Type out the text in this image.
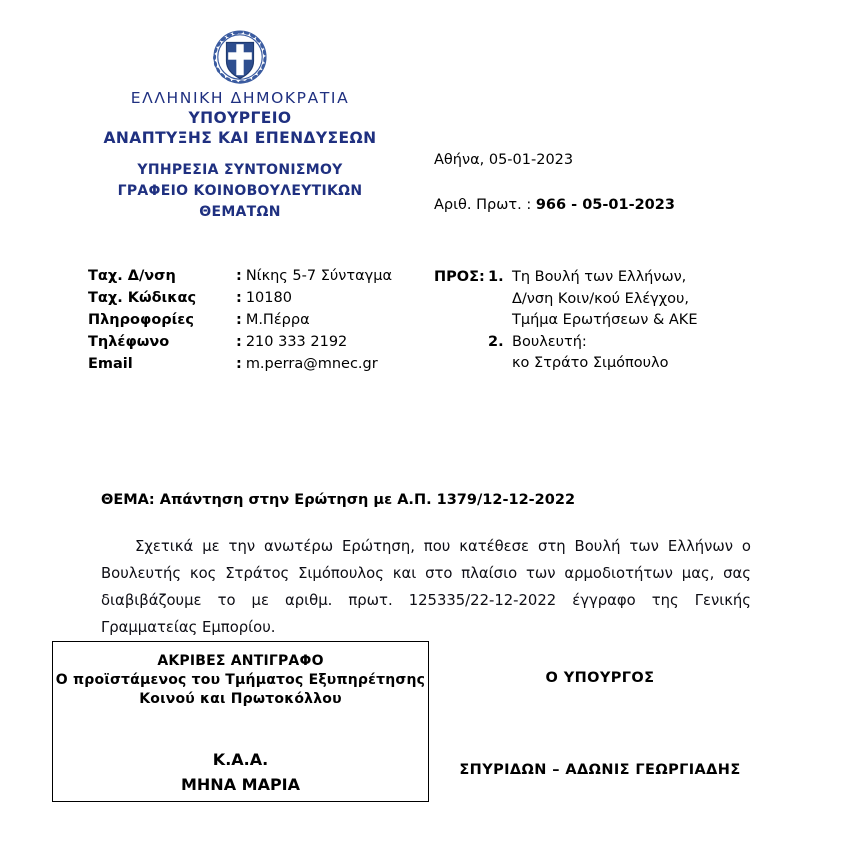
ΕΛΛΗΝΙΚΗ ΔΗΜΟΚΡΑΤΙΑ
ΥΠΟΥΡΓΕΙΟ
ΑΝΑΠΤΥΞΗΣ ΚΑΙ ΕΠΕΝΔΥΣΕΩΝ
ΥΠΗΡΕΣΙΑ ΣΥΝΤΟΝΙΣΜΟΥ
ΓΡΑΦΕΙΟ ΚΟΙΝΟΒΟΥΛΕΥΤΙΚΩΝ
ΘΕΜΑΤΩΝ
Αθήνα, 05-01-2023
Αριθ. Πρωτ. : 966 - 05-01-2023
Ταχ. Δ/νση	:	Νίκης 5-7 Σύνταγμα
Ταχ. Κώδικας	:	10180
Πληροφορίες	:	Μ.Πέρρα
Τηλέφωνο	:	210 333 2192
Email	:	m.perra@mnec.gr
ΠΡΟΣ: 1. Τη Βουλή των Ελλήνων,
Δ/νση Κοιν/κού Ελέγχου,
Τμήμα Ερωτήσεων & ΑΚΕ
2. Βουλευτή:
κο Στράτο Σιμόπουλο
ΘΕΜΑ: Απάντηση στην Ερώτηση με Α.Π. 1379/12-12-2022
Σχετικά με την ανωτέρω Ερώτηση, που κατέθεσε στη Βουλή των Ελλήνων ο Βουλευτής κος Στράτος Σιμόπουλος και στο πλαίσιο των αρμοδιοτήτων μας, σας διαβιβάζουμε το με αριθμ. πρωτ. 125335/22-12-2022 έγγραφο της Γενικής Γραμματείας Εμπορίου.
ΑΚΡΙΒΕΣ ΑΝΤΙΓΡΑΦΟ
Ο προϊστάμενος του Τμήματος Εξυπηρέτησης
Κοινού και Πρωτοκόλλου
Κ.Α.Α.
ΜΗΝΑ ΜΑΡΙΑ
Ο ΥΠΟΥΡΓΟΣ
ΣΠΥΡΙΔΩΝ – ΑΔΩΝΙΣ ΓΕΩΡΓΙΑΔΗΣ
